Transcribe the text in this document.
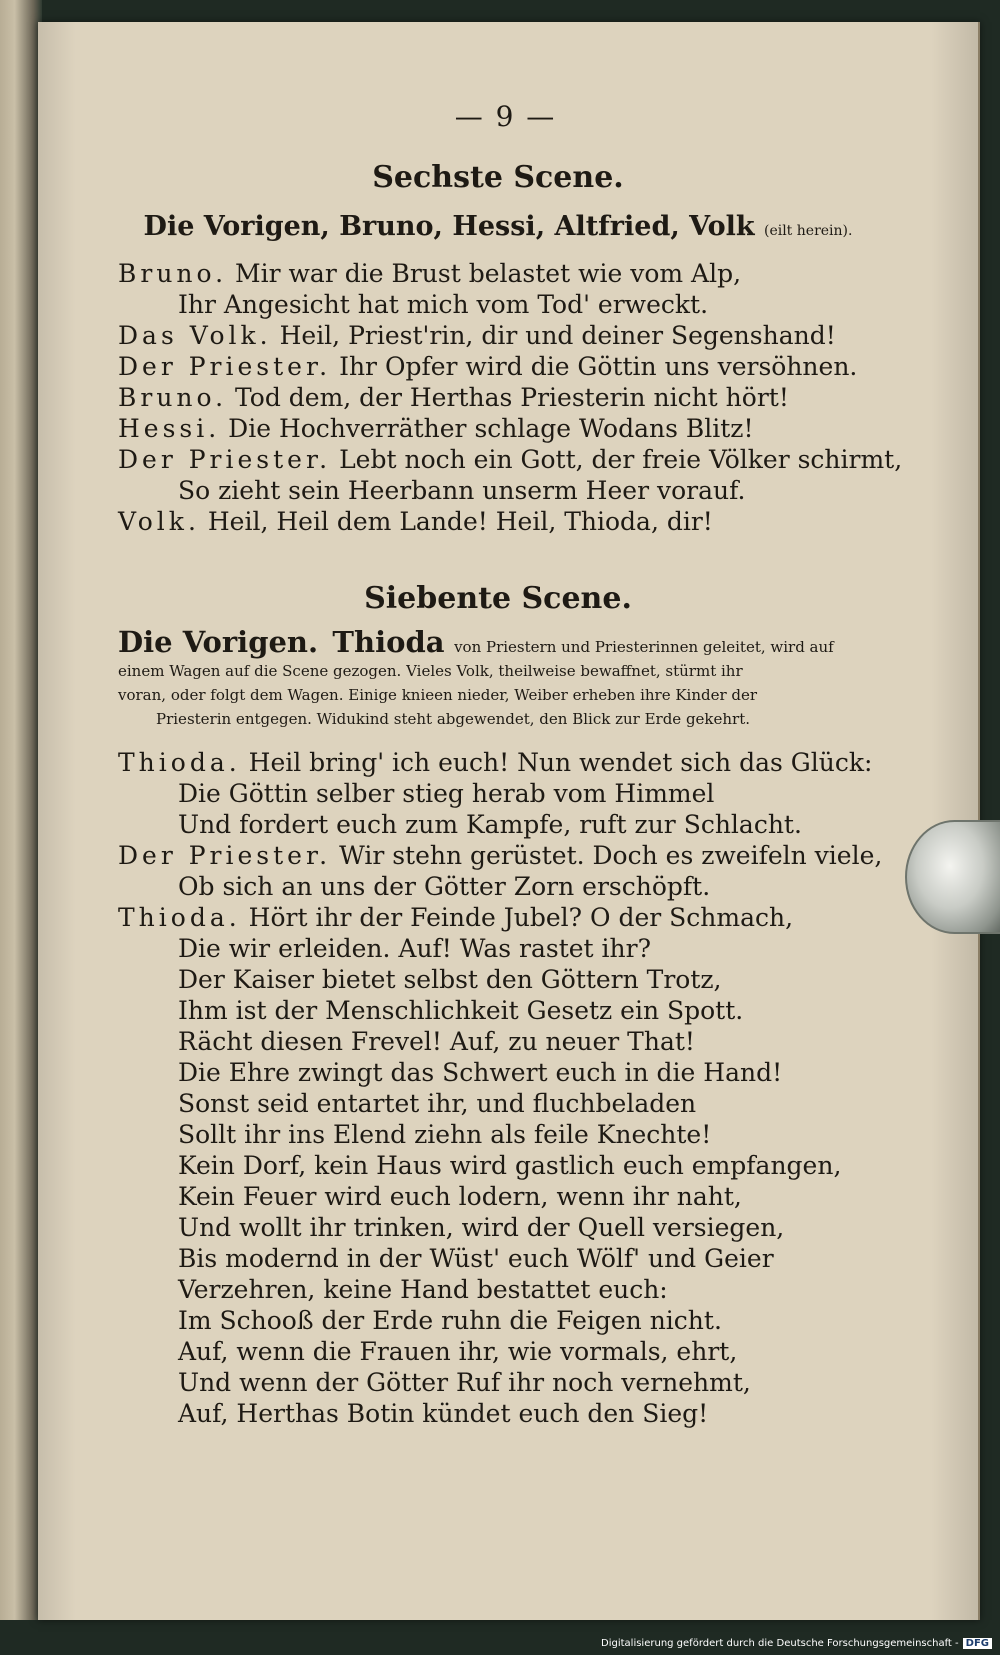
— 9 —
Sechste Scene.
Die Vorigen, Bruno, Hessi, Altfried, Volk (eilt herein).
Bruno. Mir war die Brust belastet wie vom Alp,
Ihr Angesicht hat mich vom Tod' erweckt.
Das Volk. Heil, Priest'rin, dir und deiner Segenshand!
Der Priester. Ihr Opfer wird die Göttin uns versöhnen.
Bruno. Tod dem, der Herthas Priesterin nicht hört!
Hessi. Die Hochverräther schlage Wodans Blitz!
Der Priester. Lebt noch ein Gott, der freie Völker schirmt,
So zieht sein Heerbann unserm Heer vorauf.
Volk. Heil, Heil dem Lande! Heil, Thioda, dir!
Siebente Scene.
Die Vorigen. Thioda von Priestern und Priesterinnen geleitet, wird auf
einem Wagen auf die Scene gezogen. Vieles Volk, theilweise bewaffnet, stürmt ihr
voran, oder folgt dem Wagen. Einige knieen nieder, Weiber erheben ihre Kinder der
Priesterin entgegen. Widukind steht abgewendet, den Blick zur Erde gekehrt.
Thioda. Heil bring' ich euch! Nun wendet sich das Glück:
Die Göttin selber stieg herab vom Himmel
Und fordert euch zum Kampfe, ruft zur Schlacht.
Der Priester. Wir stehn gerüstet. Doch es zweifeln viele,
Ob sich an uns der Götter Zorn erschöpft.
Thioda. Hört ihr der Feinde Jubel? O der Schmach,
Die wir erleiden. Auf! Was rastet ihr?
Der Kaiser bietet selbst den Göttern Trotz,
Ihm ist der Menschlichkeit Gesetz ein Spott.
Rächt diesen Frevel! Auf, zu neuer That!
Die Ehre zwingt das Schwert euch in die Hand!
Sonst seid entartet ihr, und fluchbeladen
Sollt ihr ins Elend ziehn als feile Knechte!
Kein Dorf, kein Haus wird gastlich euch empfangen,
Kein Feuer wird euch lodern, wenn ihr naht,
Und wollt ihr trinken, wird der Quell versiegen,
Bis modernd in der Wüst' euch Wölf' und Geier
Verzehren, keine Hand bestattet euch:
Im Schooß der Erde ruhn die Feigen nicht.
Auf, wenn die Frauen ihr, wie vormals, ehrt,
Und wenn der Götter Ruf ihr noch vernehmt,
Auf, Herthas Botin kündet euch den Sieg!
Digitalisierung gefördert durch die Deutsche Forschungsgemeinschaft - DFG
